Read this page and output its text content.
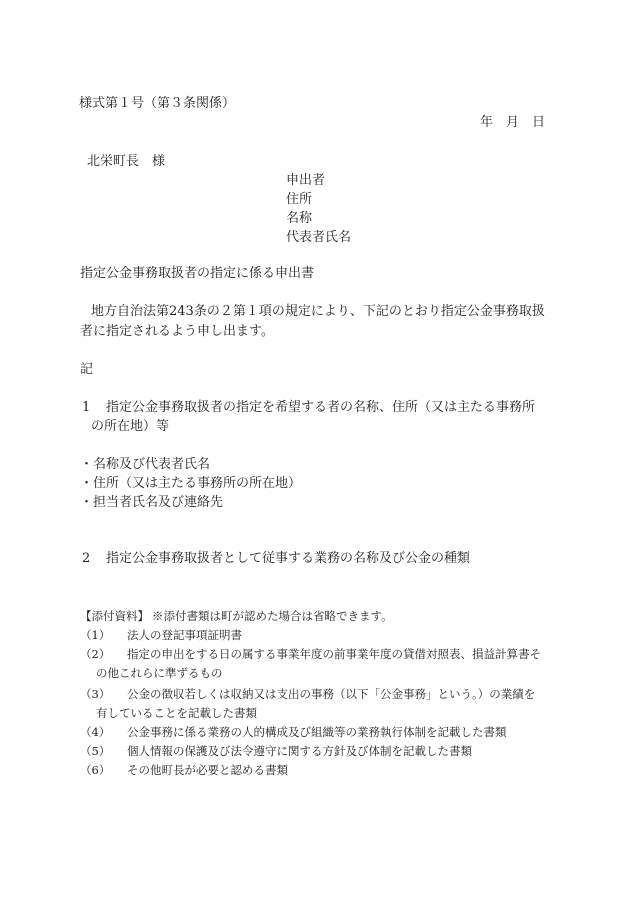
様式第１号（第３条関係）
年　月　日
北栄町長　様
申出者
住所
名称
代表者氏名
指定公金事務取扱者の指定に係る申出書
地方自治法第243条の２第１項の規定により、下記のとおり指定公金事務取扱
者に指定されるよう申し出ます。
記
1 指定公金事務取扱者の指定を希望する者の名称、住所（又は主たる事務所
の所在地）等
・名称及び代表者氏名
・住所（又は主たる事務所の所在地）
・担当者氏名及び連絡先
2 指定公金事務取扱者として従事する業務の名称及び公金の種類
【添付資料】 ※添付書類は町が認めた場合は省略できます。
（1） 法人の登記事項証明書
（2） 指定の申出をする日の属する事業年度の前事業年度の貸借対照表、損益計算書そ
の他これらに準ずるもの
（3） 公金の徴収若しくは収納又は支出の事務（以下「公金事務」という。）の業績を
有していることを記載した書類
（4） 公金事務に係る業務の人的構成及び組織等の業務執行体制を記載した書類
（5） 個人情報の保護及び法令遵守に関する方針及び体制を記載した書類
（6） その他町長が必要と認める書類
